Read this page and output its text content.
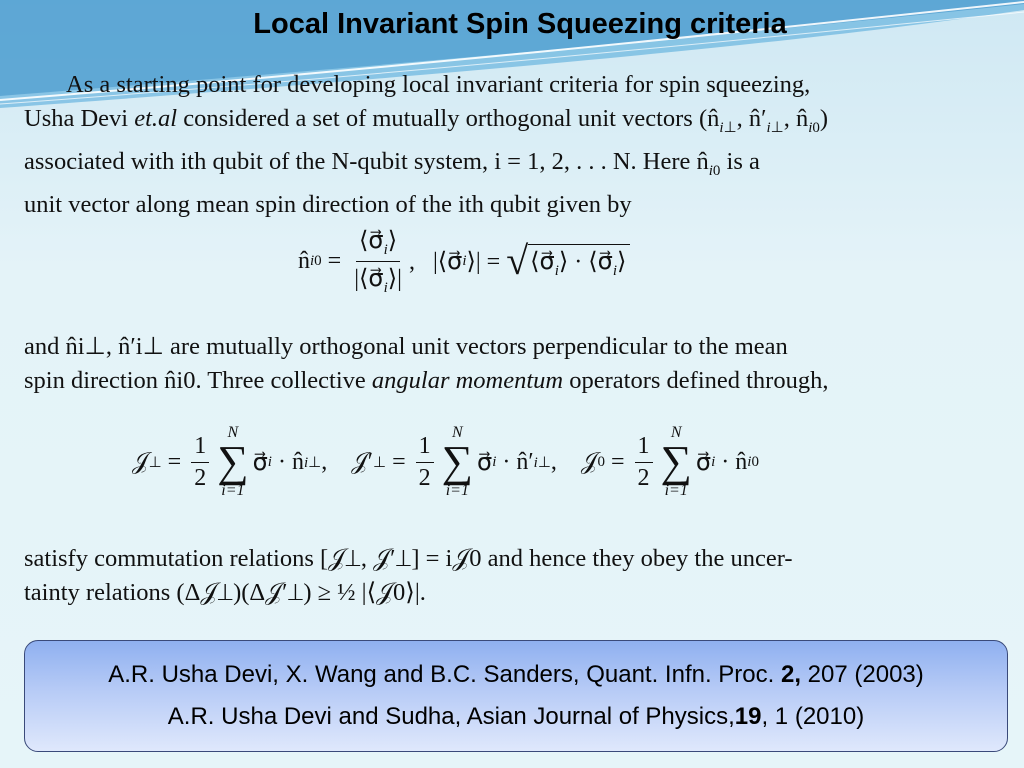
Local Invariant Spin Squeezing criteria
As a starting point for developing local invariant criteria for spin squeezing,
Usha Devi et.al considered a set of mutually orthogonal unit vectors ($n̂_{i\perp}$, $n̂'_{i\perp}$, $n̂_{i0}$)
associated with ith qubit of the N-qubit system, i = 1, 2, . . . N. Here $n̂_{i0}$ is a
unit vector along mean spin direction of the ith qubit given by
n̂ $i0 = \frac{⟨\sigma⃗_i⟩}{|⟨\sigma⃗_i⟩|}$ ,   |⟨σ⃗ i ⟩| = √ $⟨\sigma⃗_i⟩$ · $⟨\sigma⃗_i⟩$
and n̂i⊥, n̂′i⊥ are mutually orthogonal unit vectors perpendicular to the mean
spin direction n̂i0. Three collective angular momentum operators defined through,
𝒥 ⊥ = $\frac{1}{2}$ N
∑
i=1
σ⃗ i · n̂ i⊥ ,    𝒥′ ⊥ = $\frac{1}{2}$ N
∑
i=1
σ⃗ i · n̂′ i⊥ ,    𝒥 $0 = \frac{1}{2}$ N
∑
i=1
σ⃗ i · n̂ i0
satisfy commutation relations [𝒥⊥, 𝒥′⊥] = i𝒥0 and hence they obey the uncer-
tainty relations (Δ𝒥⊥)(Δ𝒥′⊥) ≥ ½ |⟨𝒥0⟩|.
A.R. Usha Devi, X. Wang and B.C. Sanders, Quant. Infn. Proc. 2, 207 (2003)
A.R. Usha Devi and Sudha, Asian Journal of Physics,19, 1 (2010)
